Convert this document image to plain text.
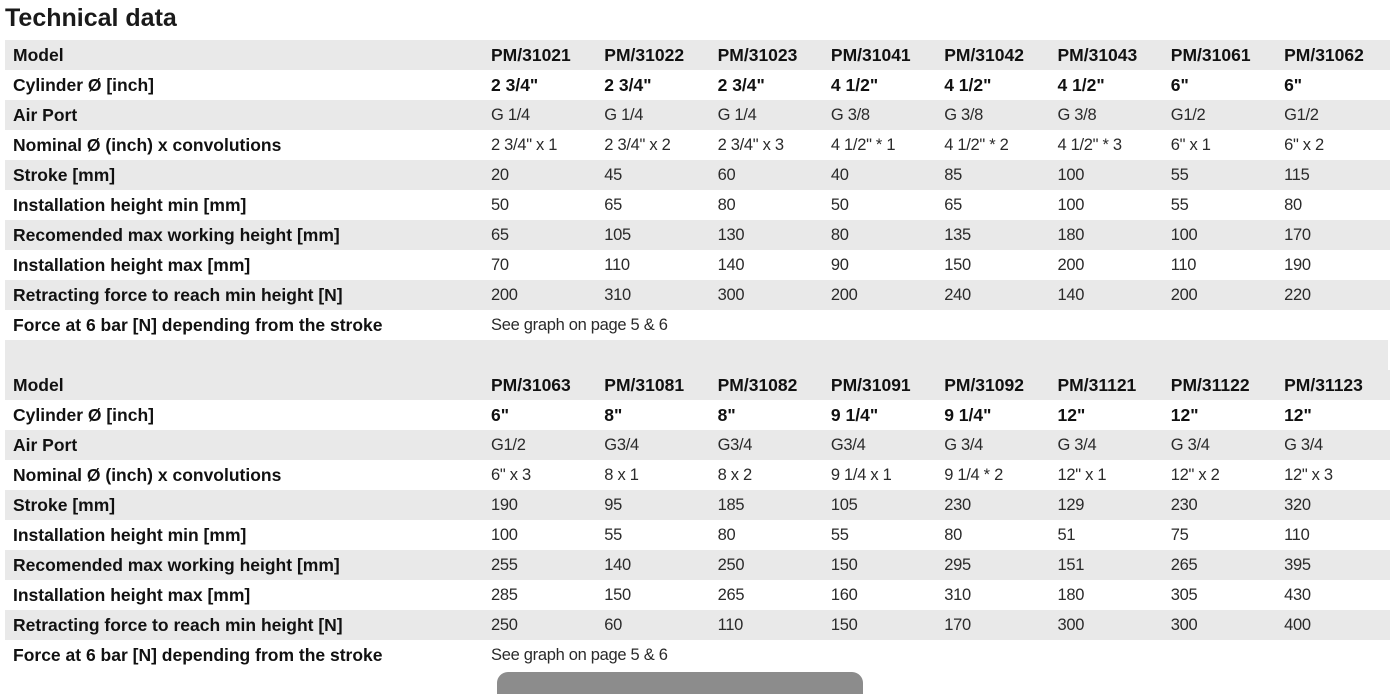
Technical data
Model	PM/31021	PM/31022	PM/31023	PM/31041	PM/31042	PM/31043	PM/31061	PM/31062
Cylinder Ø [inch]	2 3/4"	2 3/4"	2 3/4"	4 1/2"	4 1/2"	4 1/2"	6"	6"
Air Port	G 1/4	G 1/4	G 1/4	G 3/8	G 3/8	G 3/8	G1/2	G1/2
Nominal Ø (inch) x convolutions	2 3/4" x 1	2 3/4" x 2	2 3/4" x 3	4 1/2" * 1	4 1/2" * 2	4 1/2" * 3	6" x 1	6" x 2
Stroke [mm]	20	45	60	40	85	100	55	115
Installation height min [mm]	50	65	80	50	65	100	55	80
Recomended max working height [mm]	65	105	130	80	135	180	100	170
Installation height max [mm]	70	110	140	90	150	200	110	190
Retracting force to reach min height [N]	200	310	300	200	240	140	200	220
Force at 6 bar [N] depending from the stroke	See graph on page 5 & 6							
Model	PM/31063	PM/31081	PM/31082	PM/31091	PM/31092	PM/31121	PM/31122	PM/31123
Cylinder Ø [inch]	6"	8"	8"	9 1/4"	9 1/4"	12"	12"	12"
Air Port	G1/2	G3/4	G3/4	G3/4	G 3/4	G 3/4	G 3/4	G 3/4
Nominal Ø (inch) x convolutions	6" x 3	8 x 1	8 x 2	9 1/4 x 1	9 1/4 * 2	12" x 1	12" x 2	12" x 3
Stroke [mm]	190	95	185	105	230	129	230	320
Installation height min [mm]	100	55	80	55	80	51	75	110
Recomended max working height [mm]	255	140	250	150	295	151	265	395
Installation height max [mm]	285	150	265	160	310	180	305	430
Retracting force to reach min height [N]	250	60	110	150	170	300	300	400
Force at 6 bar [N] depending from the stroke	See graph on page 5 & 6							
